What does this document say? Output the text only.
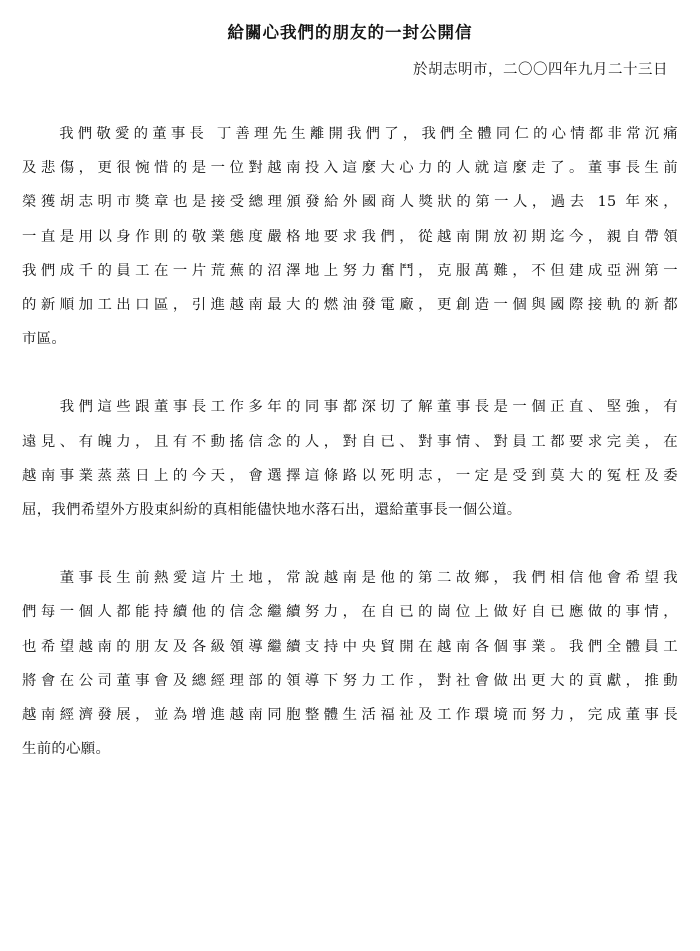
給關心我們的朋友的一封公開信

於胡志明市，二〇〇四年九月二十三日

　　我們敬愛的董事長 丁善理先生離開我們了，我們全體同仁的心情都非常沉痛
及悲傷，更很惋惜的是一位對越南投入這麼大心力的人就這麼走了。董事長生前
榮獲胡志明市獎章也是接受總理頒發給外國商人獎狀的第一人，過去 15 年來，
一直是用以身作則的敬業態度嚴格地要求我們，從越南開放初期迄今，親自帶領
我們成千的員工在一片荒蕪的沼澤地上努力奮鬥，克服萬難，不但建成亞洲第一
的新順加工出口區，引進越南最大的燃油發電廠，更創造一個與國際接軌的新都
市區。

　　我們這些跟董事長工作多年的同事都深切了解董事長是一個正直、堅強，有
遠見、有魄力，且有不動搖信念的人，對自已、對事情、對員工都要求完美，在
越南事業蒸蒸日上的今天，會選擇這條路以死明志，一定是受到莫大的冤枉及委
屈，我們希望外方股東糾紛的真相能儘快地水落石出，還給董事長一個公道。

　　董事長生前熱愛這片土地，常說越南是他的第二故鄉，我們相信他會希望我
們每一個人都能持續他的信念繼續努力，在自已的崗位上做好自已應做的事情，
也希望越南的朋友及各級領導繼續支持中央貿開在越南各個事業。我們全體員工
將會在公司董事會及總經理部的領導下努力工作，對社會做出更大的貢獻，推動
越南經濟發展，並為增進越南同胞整體生活福祉及工作環境而努力，完成董事長
生前的心願。
